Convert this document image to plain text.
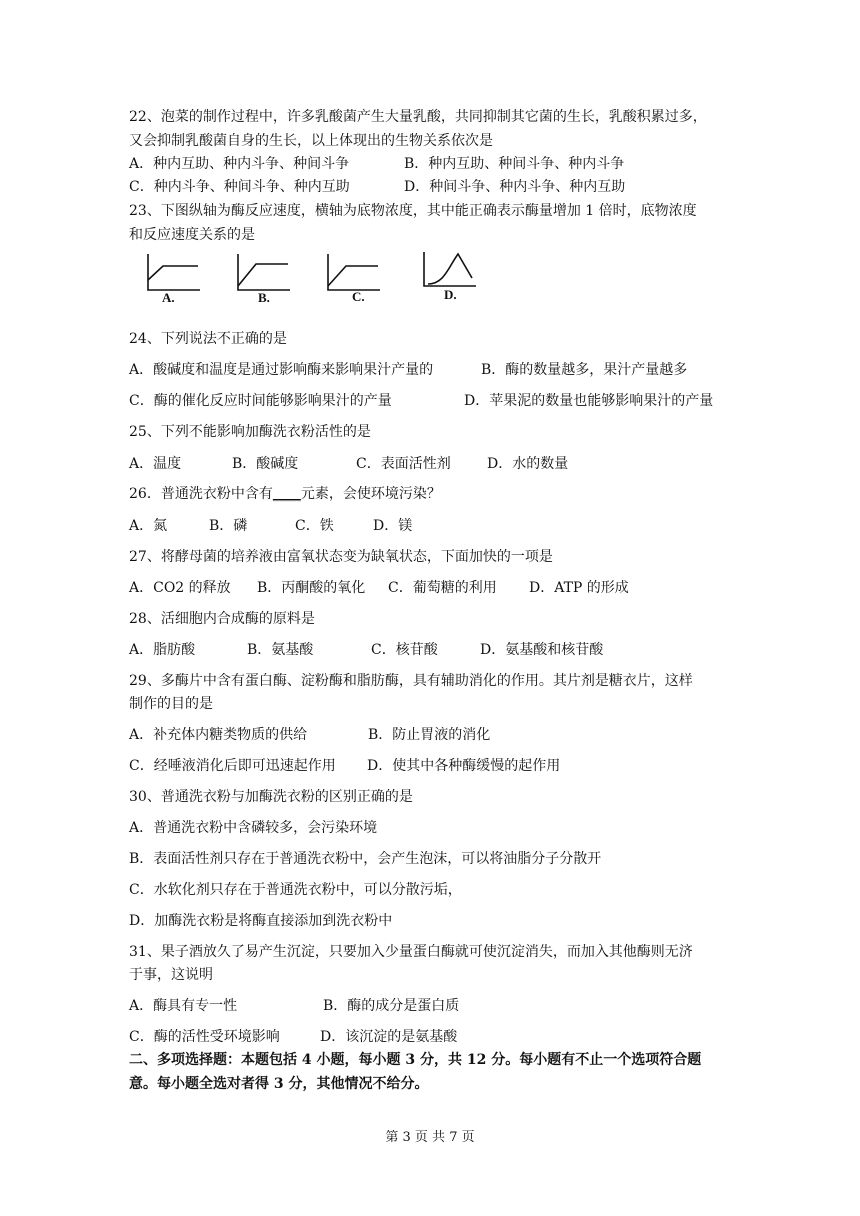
22、泡菜的制作过程中，许多乳酸菌产生大量乳酸，共同抑制其它菌的生长，乳酸积累过多，
又会抑制乳酸菌自身的生长，以上体现出的生物关系依次是
A．种内互助、种内斗争、种间斗争	B．种内互助、种间斗争、种内斗争
C．种内斗争、种间斗争、种内互助	D．种间斗争、种内斗争、种内互助
23、下图纵轴为酶反应速度，横轴为底物浓度，其中能正确表示酶量增加 1 倍时，底物浓度
和反应速度关系的是
A.	B.	C.	D.
24、下列说法不正确的是
A．酸碱度和温度是通过影响酶来影响果汁产量的	B．酶的数量越多，果汁产量越多
C．酶的催化反应时间能够影响果汁的产量	D．苹果泥的数量也能够影响果汁的产量
25、下列不能影响加酶洗衣粉活性的是
A．温度	B．酸碱度	C．表面活性剂	D．水的数量
26．普通洗衣粉中含有____元素，会使环境污染？
A．氮	B．磷	C．铁	D．镁
27、将酵母菌的培养液由富氧状态变为缺氧状态，下面加快的一项是
A．CO2 的释放 B．丙酮酸的氧化 C．葡萄糖的利用 D．ATP 的形成
28、活细胞内合成酶的原料是
A．脂肪酸	B．氨基酸	C．核苷酸	D．氨基酸和核苷酸
29、多酶片中含有蛋白酶、淀粉酶和脂肪酶，具有辅助消化的作用。其片剂是糖衣片，这样
制作的目的是
A．补充体内糖类物质的供给	B．防止胃液的消化
C．经唾液消化后即可迅速起作用 D．使其中各种酶缓慢的起作用
30、普通洗衣粉与加酶洗衣粉的区别正确的是
A．普通洗衣粉中含磷较多，会污染环境
B．表面活性剂只存在于普通洗衣粉中，会产生泡沫，可以将油脂分子分散开
C．水软化剂只存在于普通洗衣粉中，可以分散污垢，
D．加酶洗衣粉是将酶直接添加到洗衣粉中
31、果子酒放久了易产生沉淀，只要加入少量蛋白酶就可使沉淀消失，而加入其他酶则无济
于事，这说明
A．酶具有专一性	B．酶的成分是蛋白质
C．酶的活性受环境影响	D．该沉淀的是氨基酸
二、多项选择题：本题包括 4 小题，每小题 3 分，共 12 分。每小题有不止一个选项符合题
意。每小题全选对者得 3 分，其他情况不给分。
第 3 页 共 7 页
